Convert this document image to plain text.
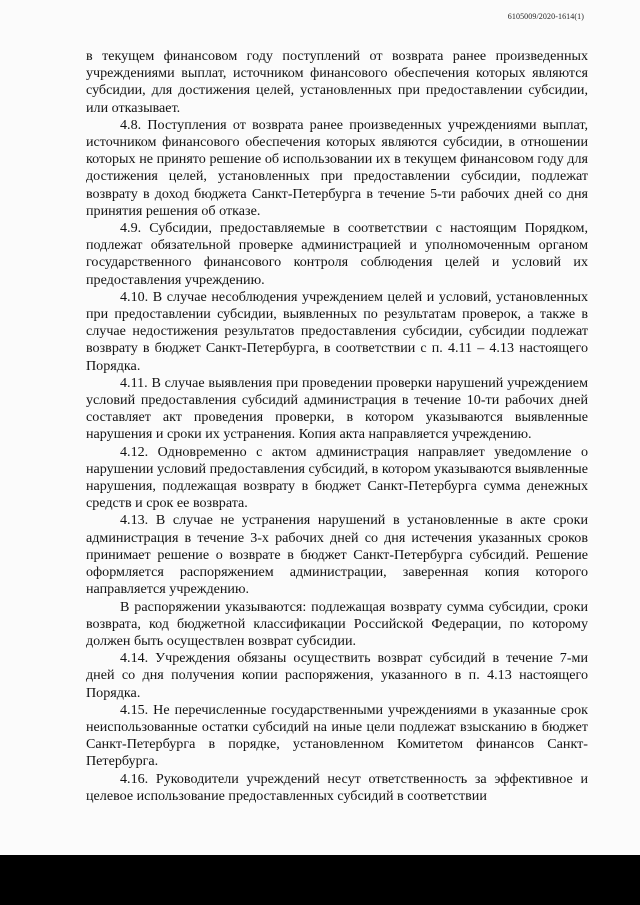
6105009/2020-1614(1)

в текущем финансовом году поступлений от возврата ранее произведенных учреждениями выплат, источником финансового обеспечения которых являются субсидии, для достижения целей, установленных при предоставлении субсидии, или отказывает.

4.8. Поступления от возврата ранее произведенных учреждениями выплат, источником финансового обеспечения которых являются субсидии, в отношении которых не принято решение об использовании их в текущем финансовом году для достижения целей, установленных при предоставлении субсидии, подлежат возврату в доход бюджета Санкт-Петербурга в течение 5-ти рабочих дней со дня принятия решения об отказе.

4.9. Субсидии, предоставляемые в соответствии с настоящим Порядком, подлежат обязательной проверке администрацией и уполномоченным органом государственного финансового контроля соблюдения целей и условий их предоставления учреждению.

4.10. В случае несоблюдения учреждением целей и условий, установленных при предоставлении субсидии, выявленных по результатам проверок, а также в случае недостижения результатов предоставления субсидии, субсидии подлежат возврату в бюджет Санкт-Петербурга, в соответствии с п. 4.11 – 4.13 настоящего Порядка.

4.11. В случае выявления при проведении проверки нарушений учреждением условий предоставления субсидий администрация в течение 10-ти рабочих дней составляет акт проведения проверки, в котором указываются выявленные нарушения и сроки их устранения. Копия акта направляется учреждению.

4.12. Одновременно с актом администрация направляет уведомление о нарушении условий предоставления субсидий, в котором указываются выявленные нарушения, подлежащая возврату в бюджет Санкт-Петербурга сумма денежных средств и срок ее возврата.

4.13. В случае не устранения нарушений в установленные в акте сроки администрация в течение 3-х рабочих дней со дня истечения указанных сроков принимает решение о возврате в бюджет Санкт-Петербурга субсидий. Решение оформляется распоряжением администрации, заверенная копия которого направляется учреждению.

В распоряжении указываются: подлежащая возврату сумма субсидии, сроки возврата, код бюджетной классификации Российской Федерации, по которому должен быть осуществлен возврат субсидии.

4.14. Учреждения обязаны осуществить возврат субсидий в течение 7-ми дней со дня получения копии распоряжения, указанного в п. 4.13 настоящего Порядка.

4.15. Не перечисленные государственными учреждениями в указанные срок неиспользованные остатки субсидий на иные цели подлежат взысканию в бюджет Санкт-Петербурга в порядке, установленном Комитетом финансов Санкт-Петербурга.

4.16. Руководители учреждений несут ответственность за эффективное и целевое использование предоставленных субсидий в соответствии
